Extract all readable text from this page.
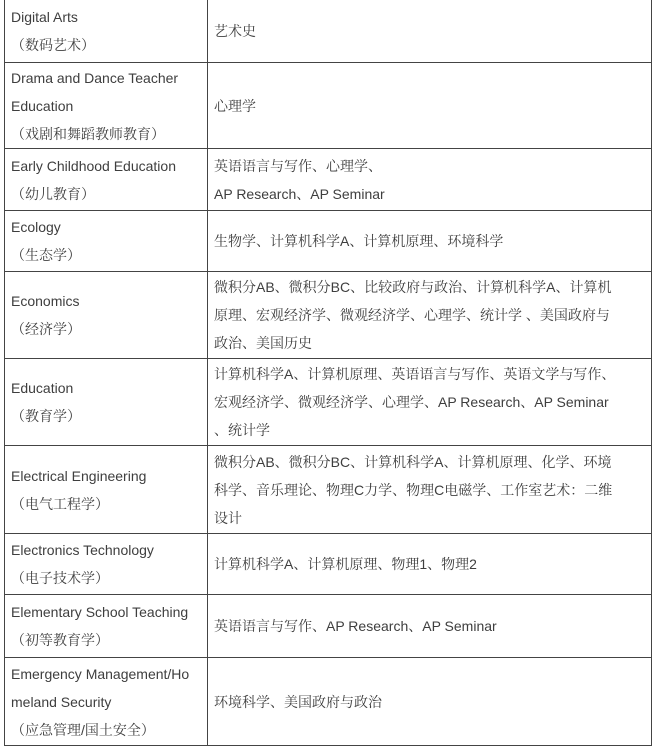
Digital Arts
（数码艺术）	艺术史

Drama and Dance Teacher
Education
（戏剧和舞蹈教师教育）	心理学

Early Childhood Education
（幼儿教育）	英语语言与写作、心理学、
AP Research、AP Seminar

Ecology
（生态学）	生物学、计算机科学A、计算机原理、环境科学

Economics
（经济学）	微积分AB、微积分BC、比较政府与政治、计算机科学A、计算机
原理、宏观经济学、微观经济学、心理学、统计学 、美国政府与
政治、美国历史

Education
（教育学）	计算机科学A、计算机原理、英语语言与写作、英语文学与写作、
宏观经济学、微观经济学、心理学、AP Research、AP Seminar
、统计学

Electrical Engineering
（电气工程学）	微积分AB、微积分BC、计算机科学A、计算机原理、化学、环境
科学、音乐理论、物理C力学、物理C电磁学、工作室艺术：二维
设计

Electronics Technology
（电子技术学）	计算机科学A、计算机原理、物理1、物理2

Elementary School Teaching
（初等教育学）	英语语言与写作、AP Research、AP Seminar

Emergency Management/Ho
meland Security
（应急管理/国土安全）	环境科学、美国政府与政治
